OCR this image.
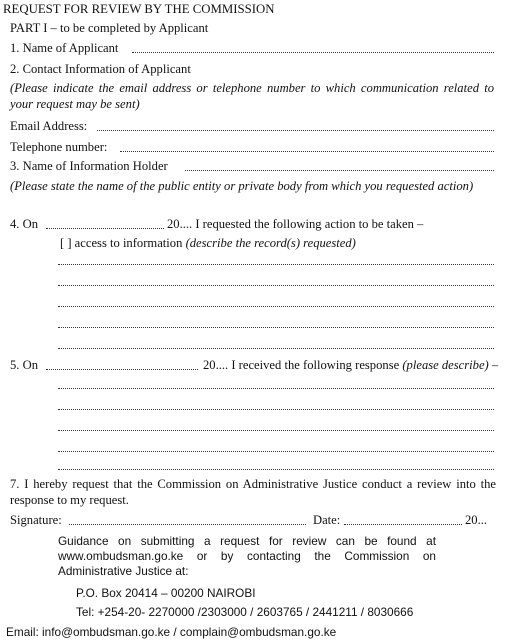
REQUEST FOR REVIEW BY THE COMMISSION
PART I – to be completed by Applicant
1. Name of Applicant
2. Contact Information of Applicant
(Please indicate the email address or telephone number to which communication related to your request may be sent)
Email Address:
Telephone number:
3. Name of Information Holder
(Please state the name of the public entity or private body from which you requested action)
4. On	20.... I requested the following action to be taken –
[ ] access to information (describe the record(s) requested)
5. On	20.... I received the following response (please describe) –
7. I hereby request that the Commission on Administrative Justice conduct a review into the response to my request.
Signature:	Date:	20...
Guidance on submitting a request for review can be found at www.ombudsman.go.ke or by contacting the Commission on Administrative Justice at:
P.O. Box 20414 – 00200 NAIROBI
Tel: +254-20- 2270000 /2303000 / 2603765 / 2441211 / 8030666
Email: info@ombudsman.go.ke / complain@ombudsman.go.ke
